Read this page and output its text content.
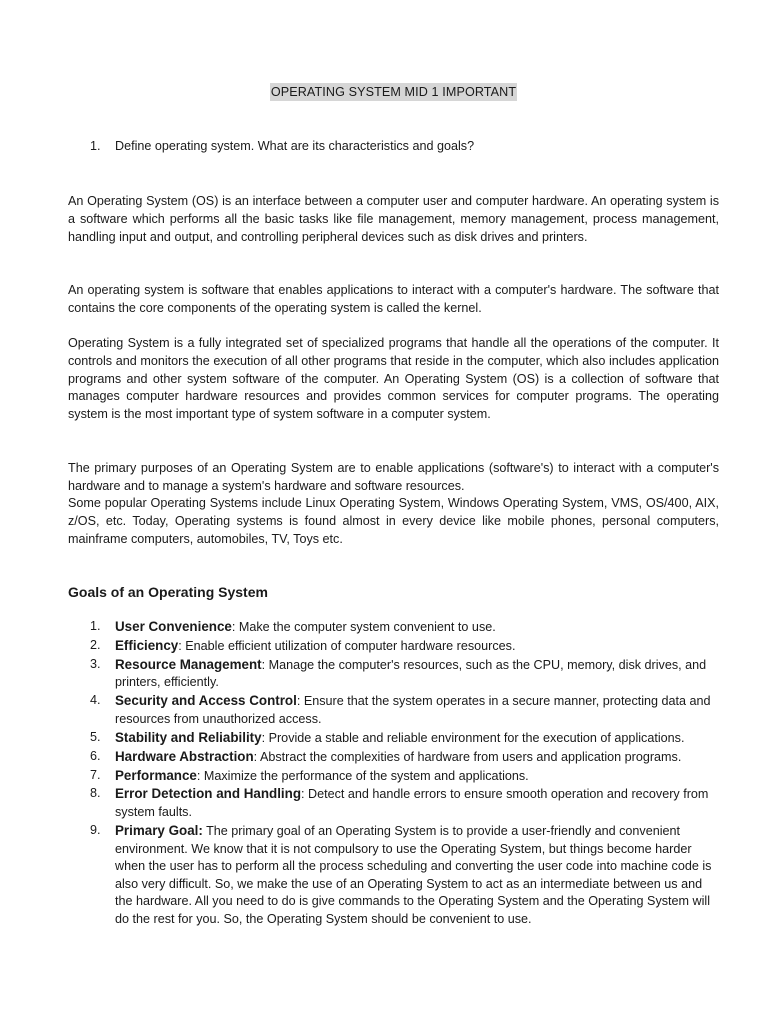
OPERATING SYSTEM MID 1 IMPORTANT
1. Define operating system. What are its characteristics and goals?

An Operating System (OS) is an interface between a computer user and computer hardware. An operating system is a software which performs all the basic tasks like file management, memory management, process management, handling input and output, and controlling peripheral devices such as disk drives and printers.

An operating system is software that enables applications to interact with a computer's hardware. The software that contains the core components of the operating system is called the kernel.

Operating System is a fully integrated set of specialized programs that handle all the operations of the computer. It controls and monitors the execution of all other programs that reside in the computer, which also includes application programs and other system software of the computer. An Operating System (OS) is a collection of software that manages computer hardware resources and provides common services for computer programs. The operating system is the most important type of system software in a computer system.

The primary purposes of an Operating System are to enable applications (software's) to interact with a computer's hardware and to manage a system's hardware and software resources.

Some popular Operating Systems include Linux Operating System, Windows Operating System, VMS, OS/400, AIX, z/OS, etc. Today, Operating systems is found almost in every device like mobile phones, personal computers, mainframe computers, automobiles, TV, Toys etc.

Goals of an Operating System
1. User Convenience: Make the computer system convenient to use.
2. Efficiency: Enable efficient utilization of computer hardware resources.
3. Resource Management: Manage the computer's resources, such as the CPU, memory, disk drives, and printers, efficiently.
4. Security and Access Control: Ensure that the system operates in a secure manner, protecting data and resources from unauthorized access.
5. Stability and Reliability: Provide a stable and reliable environment for the execution of applications.
6. Hardware Abstraction: Abstract the complexities of hardware from users and application programs.
7. Performance: Maximize the performance of the system and applications.
8. Error Detection and Handling: Detect and handle errors to ensure smooth operation and recovery from system faults.
9. Primary Goal: The primary goal of an Operating System is to provide a user-friendly and convenient environment. We know that it is not compulsory to use the Operating System, but things become harder when the user has to perform all the process scheduling and converting the user code into machine code is also very difficult. So, we make the use of an Operating System to act as an intermediate between us and the hardware. All you need to do is give commands to the Operating System and the Operating System will do the rest for you. So, the Operating System should be convenient to use.
